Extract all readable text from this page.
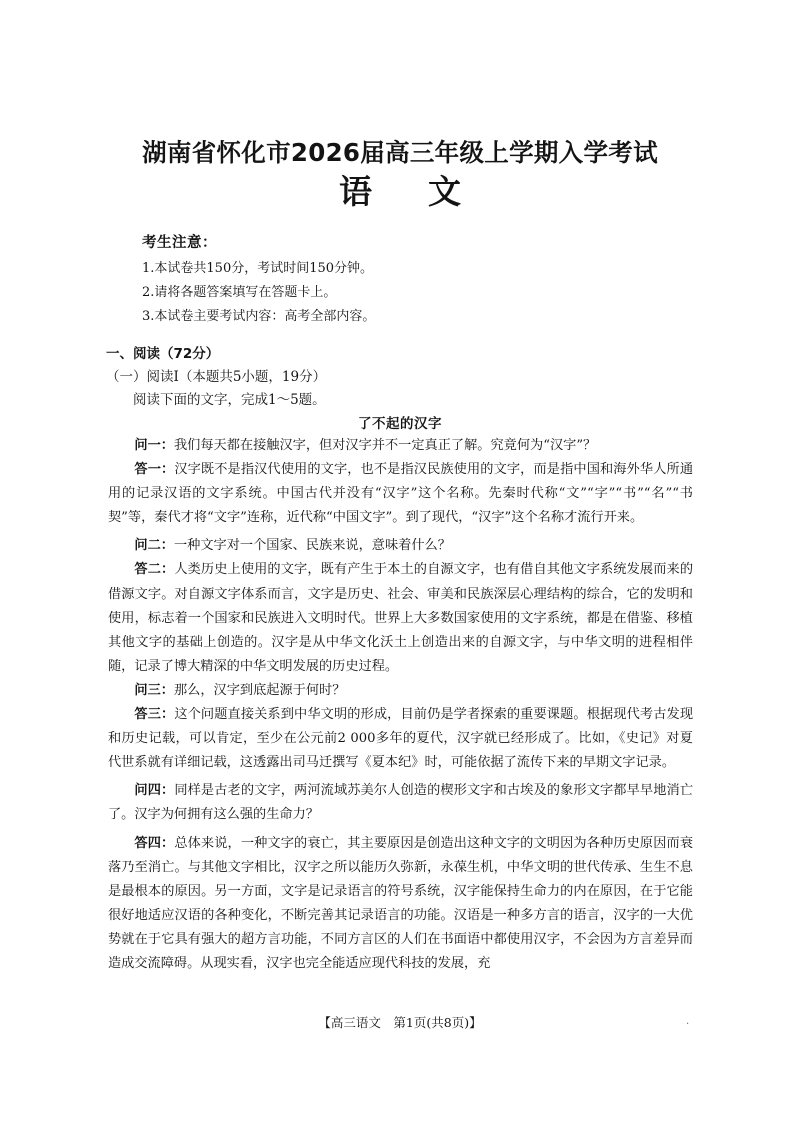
湖南省怀化市2026届高三年级上学期入学考试
语文
考生注意：
1.本试卷共150分，考试时间150分钟。
2.请将各题答案填写在答题卡上。
3.本试卷主要考试内容：高考全部内容。
一、阅读（72分）
（一）阅读Ⅰ（本题共5小题，19分）
阅读下面的文字，完成1～5题。
了不起的汉字

问一：我们每天都在接触汉字，但对汉字并不一定真正了解。究竟何为“汉字”？

答一：汉字既不是指汉代使用的文字，也不是指汉民族使用的文字，而是指中国和海外华人所通用的记录汉语的文字系统。中国古代并没有“汉字”这个名称。先秦时代称“文”“字”“书”“名”“书契”等，秦代才将“文字”连称，近代称“中国文字”。到了现代，“汉字”这个名称才流行开来。

问二：一种文字对一个国家、民族来说，意味着什么？

答二：人类历史上使用的文字，既有产生于本土的自源文字，也有借自其他文字系统发展而来的借源文字。对自源文字体系而言，文字是历史、社会、审美和民族深层心理结构的综合，它的发明和使用，标志着一个国家和民族进入文明时代。世界上大多数国家使用的文字系统，都是在借鉴、移植其他文字的基础上创造的。汉字是从中华文化沃土上创造出来的自源文字，与中华文明的进程相伴随，记录了博大精深的中华文明发展的历史过程。

问三：那么，汉字到底起源于何时？

答三：这个问题直接关系到中华文明的形成，目前仍是学者探索的重要课题。根据现代考古发现和历史记载，可以肯定，至少在公元前2 000多年的夏代，汉字就已经形成了。比如，《史记》对夏代世系就有详细记载，这透露出司马迁撰写《夏本纪》时，可能依据了流传下来的早期文字记录。

问四：同样是古老的文字，两河流域苏美尔人创造的楔形文字和古埃及的象形文字都早早地消亡了。汉字为何拥有这么强的生命力？

答四：总体来说，一种文字的衰亡，其主要原因是创造出这种文字的文明因为各种历史原因而衰落乃至消亡。与其他文字相比，汉字之所以能历久弥新，永葆生机，中华文明的世代传承、生生不息是最根本的原因。另一方面，文字是记录语言的符号系统，汉字能保持生命力的内在原因，在于它能很好地适应汉语的各种变化，不断完善其记录语言的功能。汉语是一种多方言的语言，汉字的一大优势就在于它具有强大的超方言功能，不同方言区的人们在书面语中都使用汉字，不会因为方言差异而造成交流障碍。从现实看，汉字也完全能适应现代科技的发展，充

【高三语文　第1页(共8页)】	.
